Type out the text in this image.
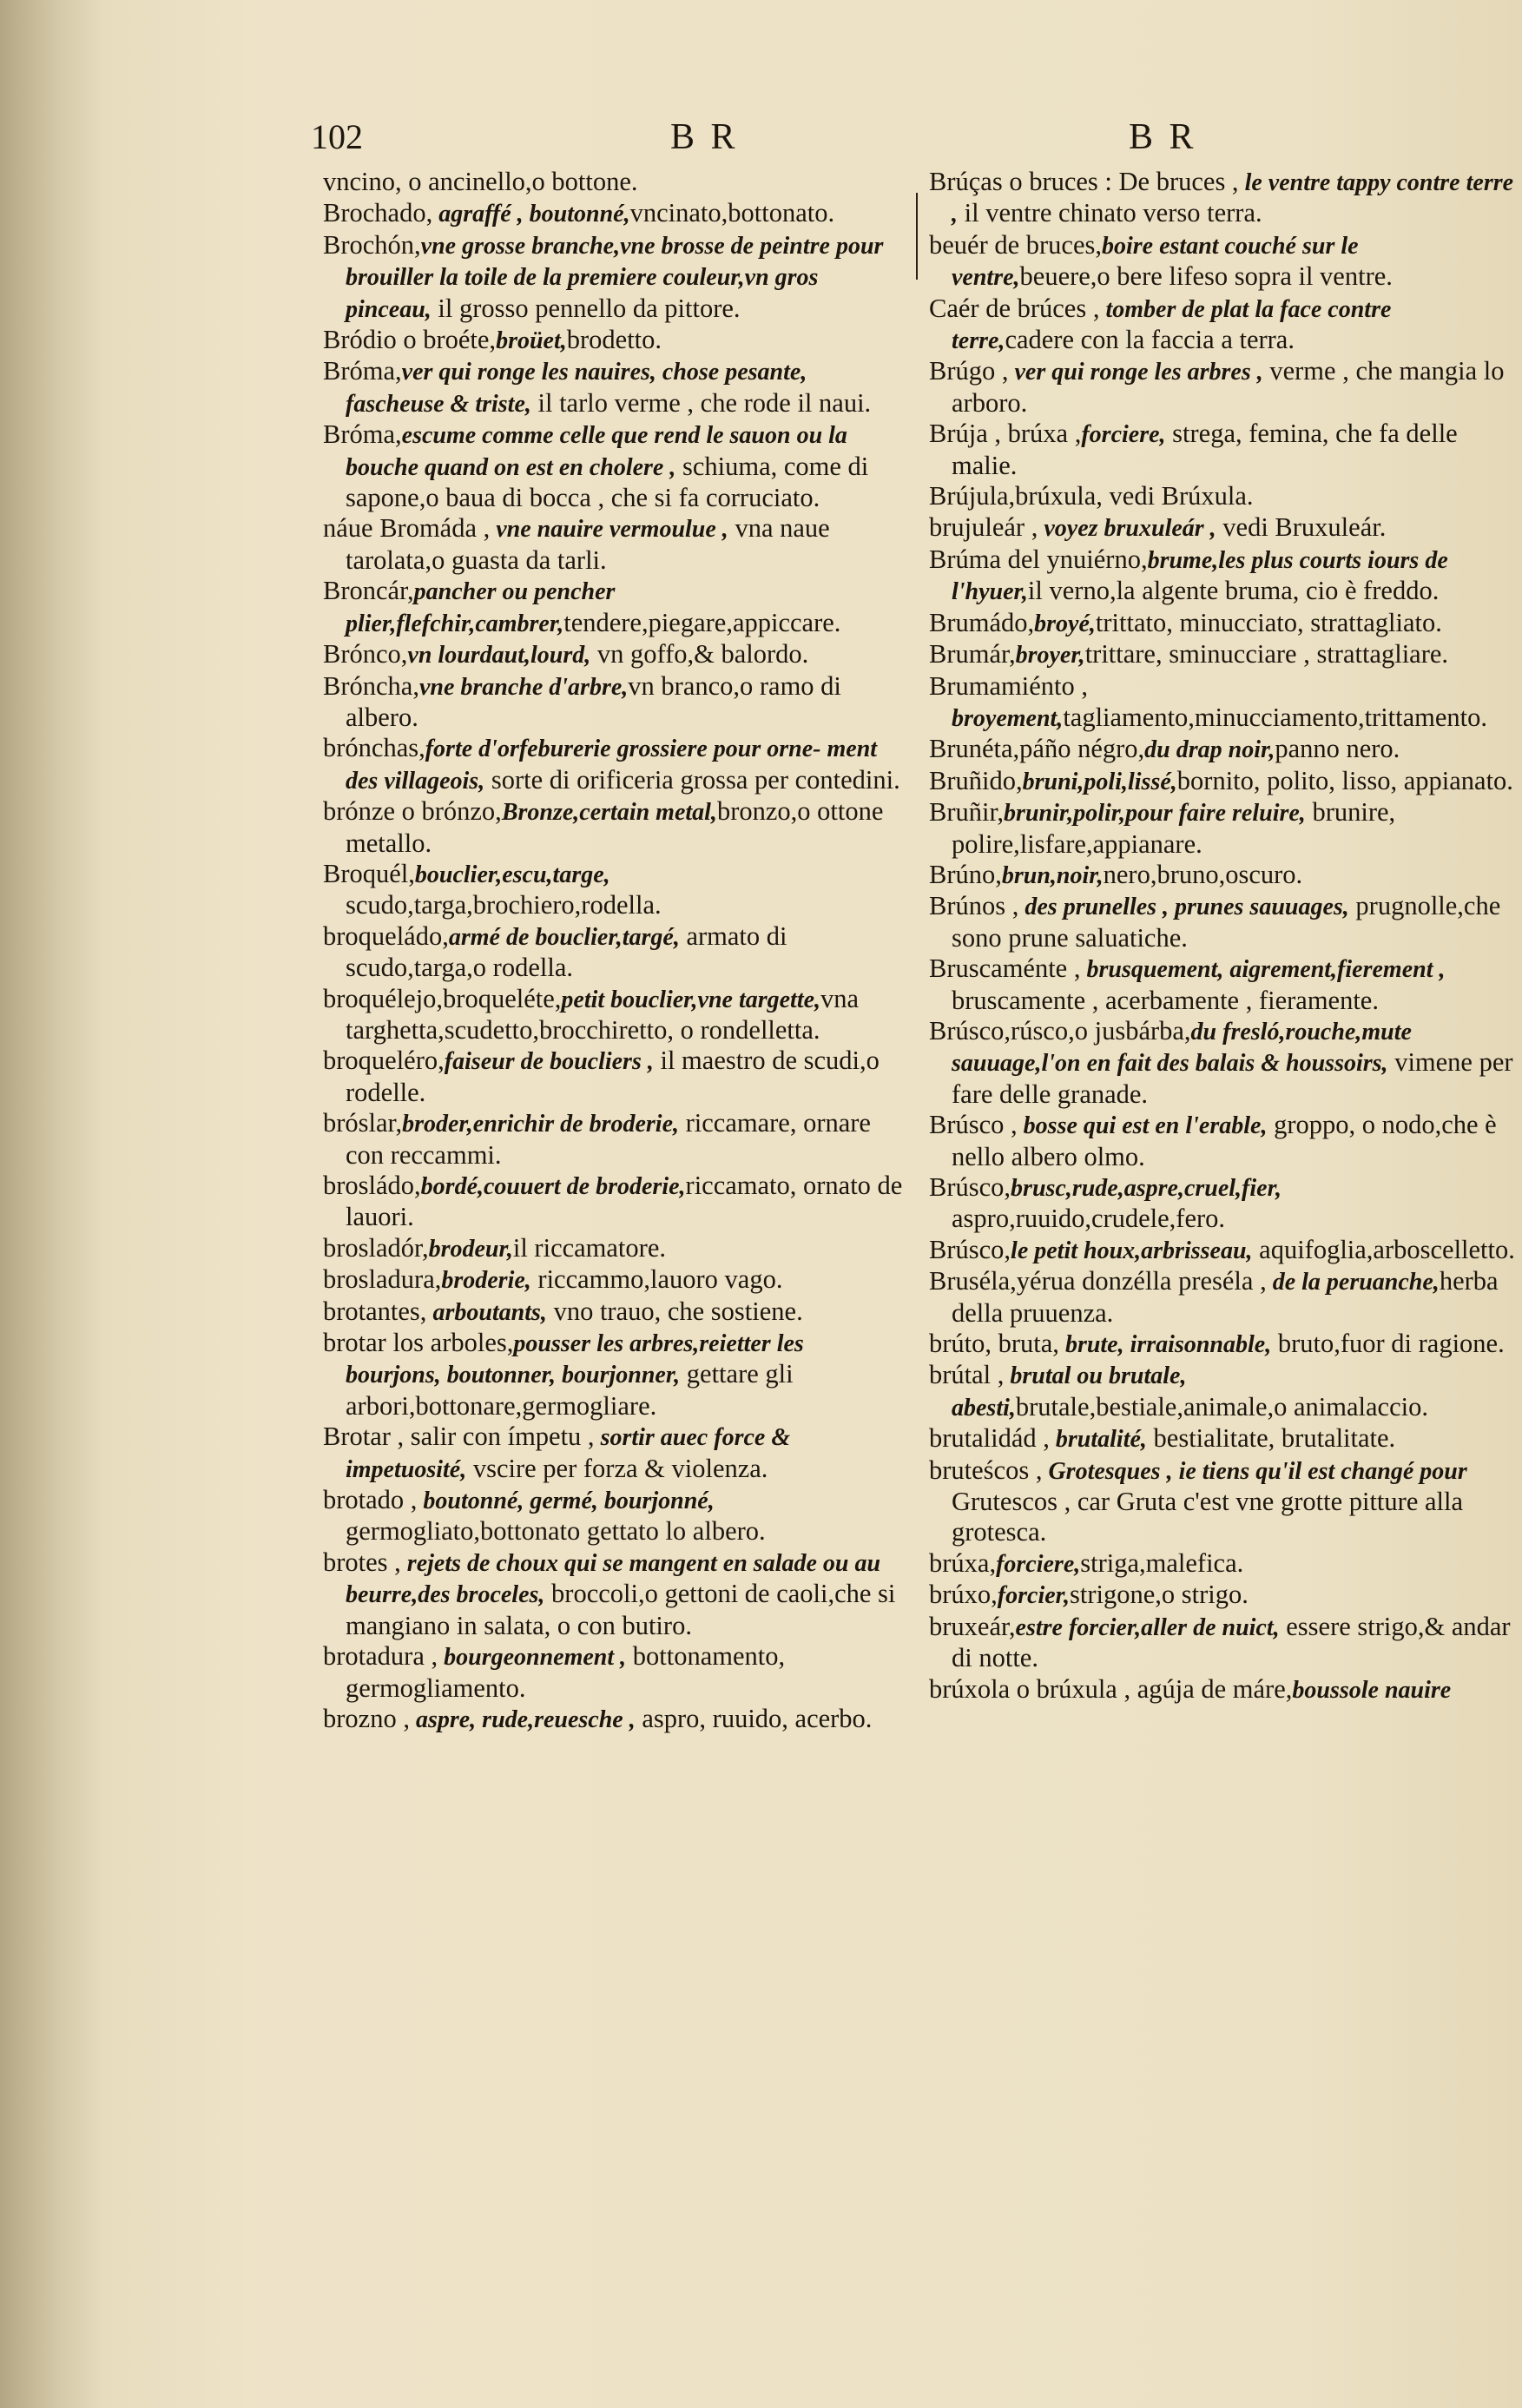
102	B R	B R

vncino, o ancinello,o bottone.

Brochado, agraffé , boutonné,vncinato,bottonato.

Brochón,vne grosse branche,vne brosse de peintre pour brouiller la toile de la premiere couleur,vn gros pinceau, il grosso pennello da pittore.

Bródio o broéte,broüet,brodetto.

Bróma,ver qui ronge les nauires, chose pesante, fascheuse & triste, il tarlo verme , che rode il naui.

Bróma,escume comme celle que rend le sauon ou la bouche quand on est en cholere , schiuma, come di sapone,o baua di bocca , che si fa corruciato.

náue Bromáda , vne nauire vermoulue , vna naue tarolata,o guasta da tarli.

Broncár,pancher ou pencher plier,flefchir,cambrer,tendere,piegare,appiccare.

Brónco,vn lourdaut,lourd, vn goffo,& balordo.

Bróncha,vne branche d'arbre,vn branco,o ramo di albero.

brónchas,forte d'orfeburerie grossiere pour orne- ment des villageois, sorte di orificeria grossa per contedini.

brónze o brónzo,Bronze,certain metal,bronzo,o ottone metallo.

Broquél,bouclier,escu,targe, scudo,targa,brochiero,rodella.

broqueládo,armé de bouclier,targé, armato di scudo,targa,o rodella.

broquélejo,broqueléte,petit bouclier,vne targette,vna targhetta,scudetto,brocchiretto, o rondelletta.

broqueléro,faiseur de boucliers , il maestro de scudi,o rodelle.

bróslar,broder,enrichir de broderie, riccamare, ornare con reccammi.

brosládo,bordé,couuert de broderie,riccamato, ornato de lauori.

brosladór,brodeur,il riccamatore.

brosladura,broderie, riccammo,lauoro vago.

brotantes, arboutants, vno trauo, che sostiene.

brotar los arboles,pousser les arbres,reietter les bourjons, boutonner, bourjonner, gettare gli arbori,bottonare,germogliare.

Brotar , salir con ímpetu , sortir auec force & impetuosité, vscire per forza & violenza.

brotado , boutonné, germé, bourjonné, germogliato,bottonato gettato lo albero.

brotes , rejets de choux qui se mangent en salade ou au beurre,des broceles, broccoli,o gettoni de caoli,che si mangiano in salata, o con butiro.

brotadura , bourgeonnement , bottonamento, germogliamento.

brozno , aspre, rude,reuesche , aspro, ruuido, acerbo.

Brúças o bruces : De bruces , le ventre tappy contre terre , il ventre chinato verso terra.

beuér de bruces,boire estant couché sur le ventre,beuere,o bere lifeso sopra il ventre.

Caér de brúces , tomber de plat la face contre terre,cadere con la faccia a terra.

Brúgo , ver qui ronge les arbres , verme , che mangia lo arboro.

Brúja , brúxa ,forciere, strega, femina, che fa delle malie.

Brújula,brúxula, vedi Brúxula.

brujuleár , voyez bruxuleár , vedi Bruxuleár.

Brúma del ynuiérno,brume,les plus courts iours de l'hyuer,il verno,la algente bruma, cio è freddo.

Brumádo,broyé,trittato, minucciato, strattagliato.

Brumár,broyer,trittare, sminucciare , strattagliare.

Brumamiénto , broyement,tagliamento,minucciamento,trittamento.

Brunéta,páño négro,du drap noir,panno nero.

Bruñido,bruni,poli,lissé,bornito, polito, lisso, appianato.

Bruñir,brunir,polir,pour faire reluire, brunire, polire,lisfare,appianare.

Brúno,brun,noir,nero,bruno,oscuro.

Brúnos , des prunelles , prunes sauuages, prugnolle,che sono prune saluatiche.

Bruscaménte , brusquement, aigrement,fierement , bruscamente , acerbamente , fieramente.

Brúsco,rúsco,o jusbárba,du fresló,rouche,mute sauuage,l'on en fait des balais & houssoirs, vimene per fare delle granade.

Brúsco , bosse qui est en l'erable, groppo, o nodo,che è nello albero olmo.

Brúsco,brusc,rude,aspre,cruel,fier, aspro,ruuido,crudele,fero.

Brúsco,le petit houx,arbrisseau, aquifoglia,arboscelletto.

Bruséla,yérua donzélla preséla , de la peruanche,herba della pruuenza.

brúto, bruta, brute, irraisonnable, bruto,fuor di ragione.

brútal , brutal ou brutale, abesti,brutale,bestiale,animale,o animalaccio.

brutalidád , brutalité, bestialitate, brutalitate.

bruteścos , Grotesques , ie tiens qu'il est changé pour Grutescos , car Gruta c'est vne grotte pitture alla grotesca.

brúxa,forciere,striga,malefica.

brúxo,forcier,strigone,o strigo.

bruxeár,estre forcier,aller de nuict, essere strigo,& andar di notte.

brúxola o brúxula , agúja de máre,boussole nauire
